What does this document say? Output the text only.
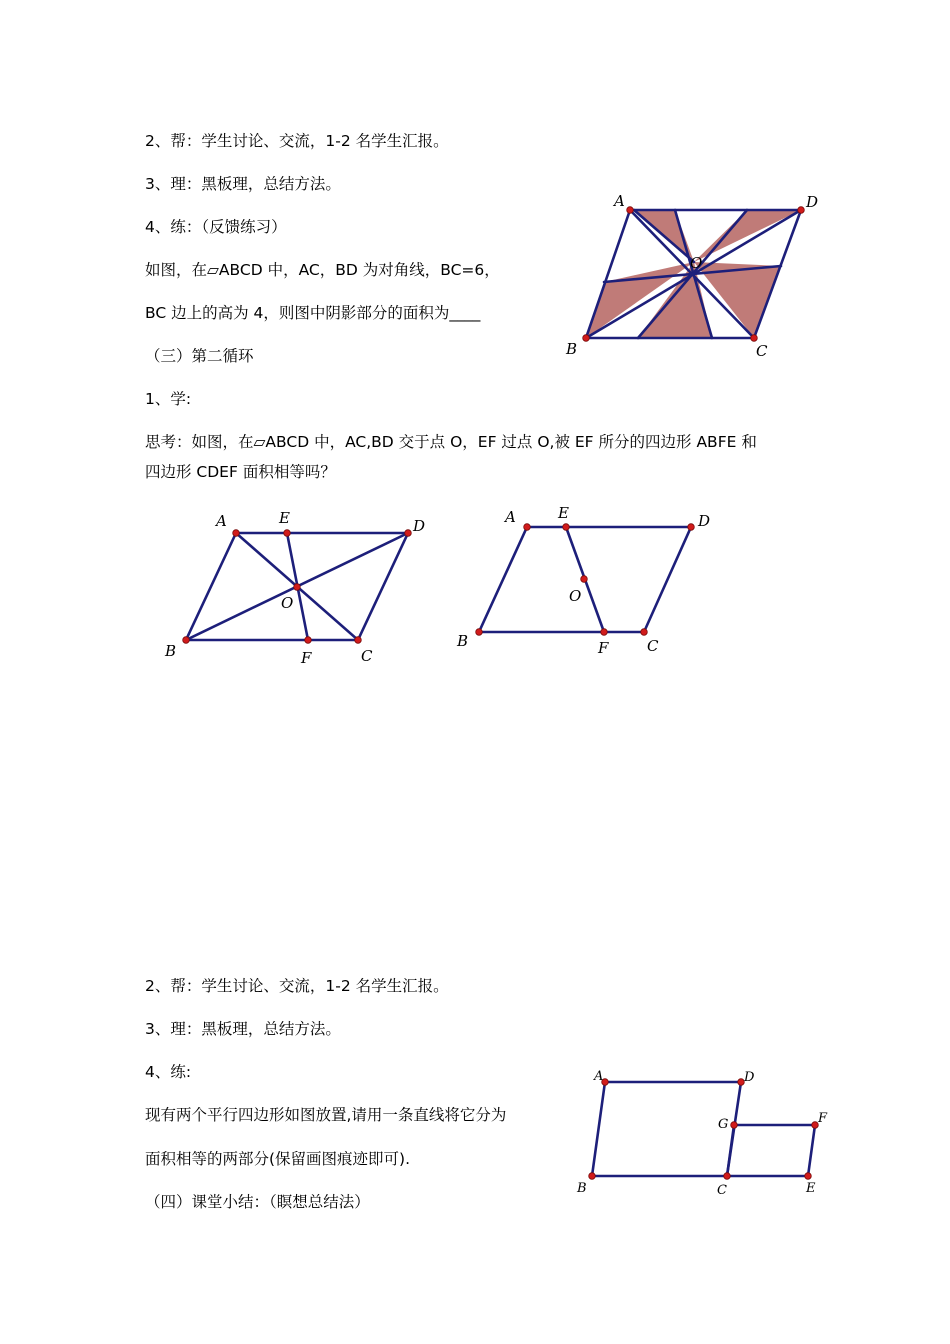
2、帮：学生讨论、交流，1-2 名学生汇报。
3、理：黑板理，总结方法。
4、练：（反馈练习）
如图，在▱ABCD 中，AC，BD 为对角线，BC=6，
BC 边上的高为 4，则图中阴影部分的面积为____
（三）第二循环
1、学:
思考：如图，在▱ABCD 中，AC,BD 交于点 O，EF 过点 O,被 EF 所分的四边形 ABFE 和
四边形 CDEF 面积相等吗？
A	D
B	C
O
A	E	D
O
B	F	C
A	E	D
O
B	F	C
2、帮：学生讨论、交流，1-2 名学生汇报。
3、理：黑板理，总结方法。
4、练:
现有两个平行四边形如图放置,请用一条直线将它分为
面积相等的两部分(保留画图痕迹即可).
（四）课堂小结：（瞑想总结法）
A	D
G	F
B	C	E
